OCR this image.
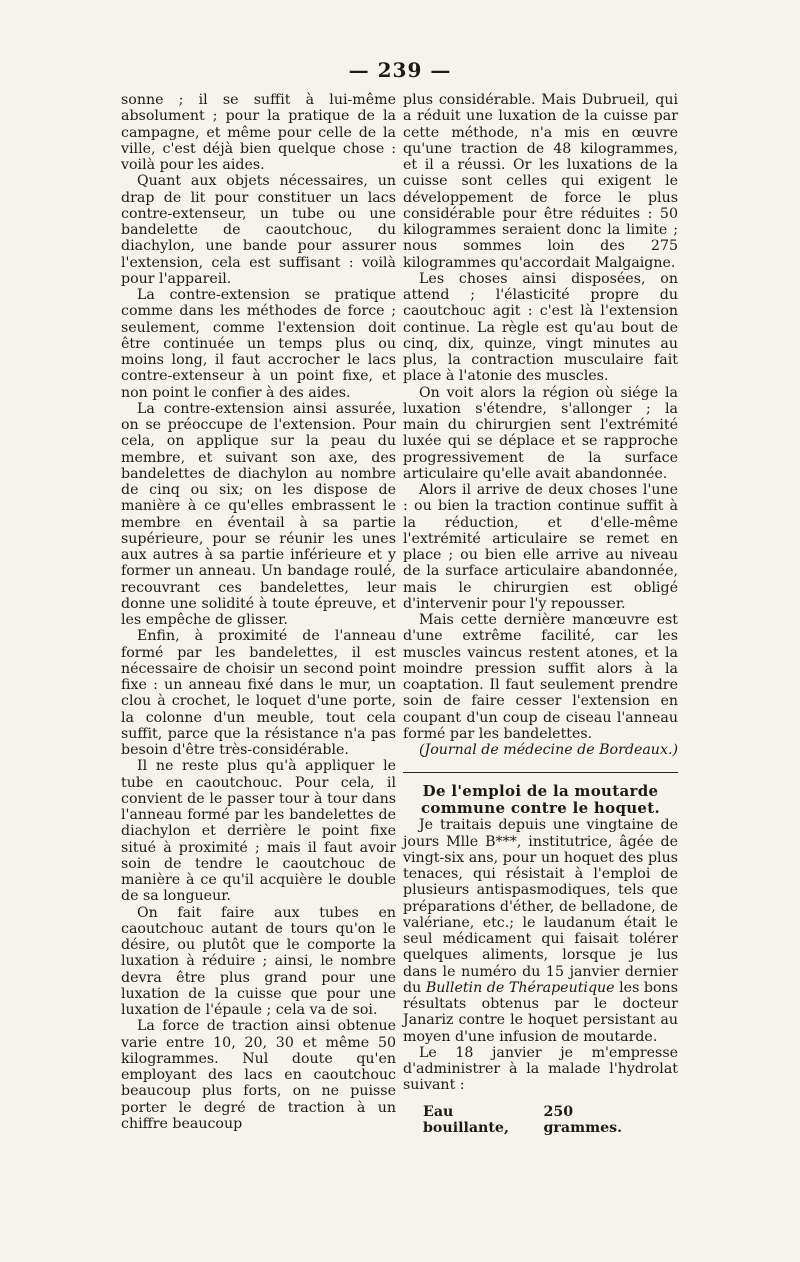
— 239 —

sonne ; il se suffit à lui-même absolument ; pour la pratique de la campagne, et même pour celle de la ville, c'est déjà bien quelque chose : voilà pour les aides.

Quant aux objets nécessaires, un drap de lit pour constituer un lacs contre-extenseur, un tube ou une bandelette de caoutchouc, du diachylon, une bande pour assurer l'extension, cela est suffisant : voilà pour l'appareil.

La contre-extension se pratique comme dans les méthodes de force ; seulement, comme l'extension doit être continuée un temps plus ou moins long, il faut accrocher le lacs contre-extenseur à un point fixe, et non point le confier à des aides.

La contre-extension ainsi assurée, on se préoccupe de l'extension. Pour cela, on applique sur la peau du membre, et suivant son axe, des bandelettes de diachylon au nombre de cinq ou six; on les dispose de manière à ce qu'elles embrassent le membre en éventail à sa partie supérieure, pour se réunir les unes aux autres à sa partie inférieure et y former un anneau. Un bandage roulé, recouvrant ces bandelettes, leur donne une solidité à toute épreuve, et les empêche de glisser.

Enfin, à proximité de l'anneau formé par les bandelettes, il est nécessaire de choisir un second point fixe : un anneau fixé dans le mur, un clou à crochet, le loquet d'une porte, la colonne d'un meuble, tout cela suffit, parce que la résistance n'a pas besoin d'être très-considérable.

Il ne reste plus qu'à appliquer le tube en caoutchouc. Pour cela, il convient de le passer tour à tour dans l'anneau formé par les bandelettes de diachylon et derrière le point fixe situé à proximité ; mais il faut avoir soin de tendre le caoutchouc de manière à ce qu'il acquière le double de sa longueur.

On fait faire aux tubes en caoutchouc autant de tours qu'on le désire, ou plutôt que le comporte la luxation à réduire ; ainsi, le nombre devra être plus grand pour une luxation de la cuisse que pour une luxation de l'épaule ; cela va de soi.

La force de traction ainsi obtenue varie entre 10, 20, 30 et même 50 kilogrammes. Nul doute qu'en employant des lacs en caoutchouc beaucoup plus forts, on ne puisse porter le degré de traction à un chiffre beaucoup

plus considérable. Mais Dubrueil, qui a réduit une luxation de la cuisse par cette méthode, n'a mis en œuvre qu'une traction de 48 kilogrammes, et il a réussi. Or les luxations de la cuisse sont celles qui exigent le développement de force le plus considérable pour être réduites : 50 kilogrammes seraient donc la limite ; nous sommes loin des 275 kilogrammes qu'accordait Malgaigne.

Les choses ainsi disposées, on attend ; l'élasticité propre du caoutchouc agit : c'est là l'extension continue. La règle est qu'au bout de cinq, dix, quinze, vingt minutes au plus, la contraction musculaire fait place à l'atonie des muscles.

On voit alors la région où siége la luxation s'étendre, s'allonger ; la main du chirurgien sent l'extrémité luxée qui se déplace et se rapproche progressivement de la surface articulaire qu'elle avait abandonnée.

Alors il arrive de deux choses l'une : ou bien la traction continue suffit à la réduction, et d'elle-même l'extrémité articulaire se remet en place ; ou bien elle arrive au niveau de la surface articulaire abandonnée, mais le chirurgien est obligé d'intervenir pour l'y repousser.

Mais cette dernière manœuvre est d'une extrême facilité, car les muscles vaincus restent atones, et la moindre pression suffit alors à la coaptation. Il faut seulement prendre soin de faire cesser l'extension en coupant d'un coup de ciseau l'anneau formé par les bandelettes.

(Journal de médecine de Bordeaux.)

De l'emploi de la moutarde commune contre le hoquet.

Je traitais depuis une vingtaine de jours Mlle B***, institutrice, âgée de vingt-six ans, pour un hoquet des plus tenaces, qui résistait à l'emploi de plusieurs antispasmodiques, tels que préparations d'éther, de belladone, de valériane, etc.; le laudanum était le seul médicament qui faisait tolérer quelques aliments, lorsque je lus dans le numéro du 15 janvier dernier du Bulletin de Thérapeutique les bons résultats obtenus par le docteur Janariz contre le hoquet persistant au moyen d'une infusion de moutarde.

Le 18 janvier je m'empresse d'administrer à la malade l'hydrolat suivant :

Eau bouillante,
250 grammes.
